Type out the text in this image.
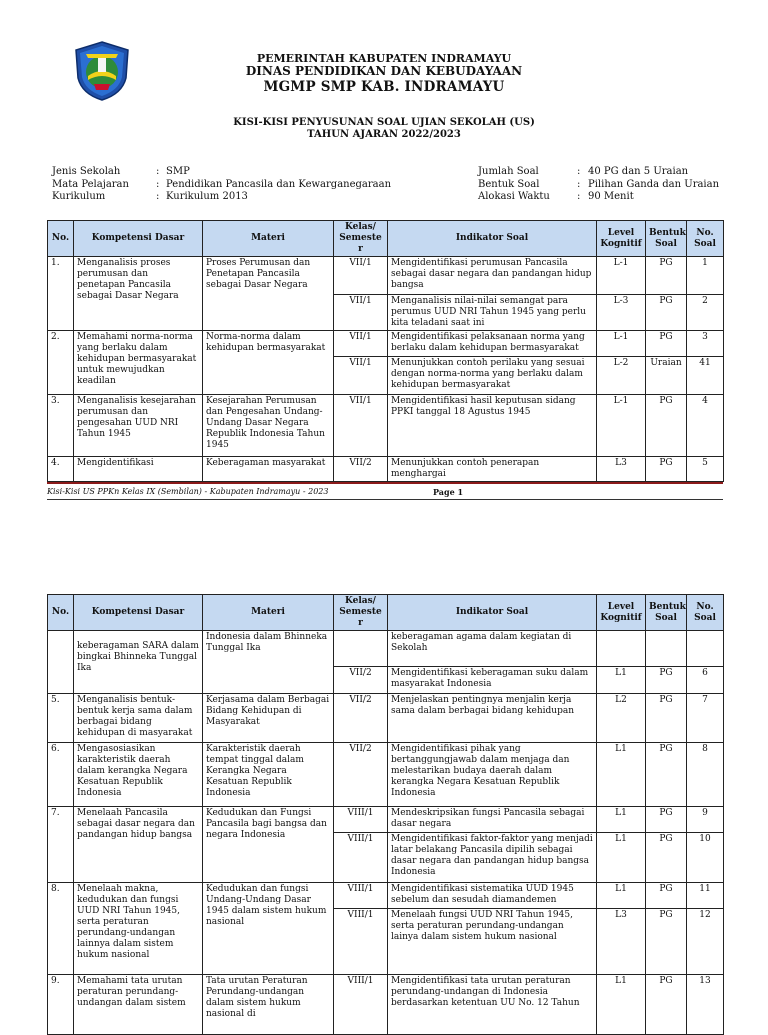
PEMERINTAH KABUPATEN INDRAMAYU
DINAS PENDIDIKAN DAN KEBUDAYAAN
MGMP SMP KAB. INDRAMAYU
KISI-KISI PENYUSUNAN SOAL UJIAN SEKOLAH (US)
TAHUN AJARAN 2022/2023
Jenis Sekolah	: SMP
Mata Pelajaran	: Pendidikan Pancasila dan Kewarganegaraan
Kurikulum	: Kurikulum 2013
Jumlah Soal	: 40 PG dan 5 Uraian
Bentuk Soal	: Pilihan Ganda dan Uraian
Alokasi Waktu	: 90 Menit
No.	Kompetensi Dasar	Materi	Kelas/ Semeste r	Indikator Soal	Level Kognitif	Bentuk Soal	No. Soal
1.	Menganalisis proses perumusan dan penetapan Pancasila sebagai Dasar Negara	Proses Perumusan dan Penetapan Pancasila sebagai Dasar Negara	VII/1	Mengidentifikasi perumusan Pancasila sebagai dasar negara dan pandangan hidup bangsa	L-1	PG	1
			VII/1	Menganalisis nilai-nilai semangat para perumus UUD NRI Tahun 1945 yang perlu kita teladani saat ini	L-3	PG	2
2.	Memahami norma-norma yang berlaku dalam kehidupan bermasyarakat untuk mewujudkan keadilan	Norma-norma dalam kehidupan bermasyarakat	VII/1	Mengidentifikasi pelaksanaan norma yang berlaku dalam kehidupan bermasyarakat	L-1	PG	3
			VII/1	Menunjukkan contoh perilaku yang sesuai dengan norma-norma yang berlaku dalam kehidupan bermasyarakat	L-2	Uraian	41
3.	Menganalisis kesejarahan perumusan dan pengesahan UUD NRI Tahun 1945	Kesejarahan Perumusan dan Pengesahan Undang-Undang Dasar Negara Republik Indonesia Tahun 1945	VII/1	Mengidentifikasi hasil keputusan sidang PPKI tanggal 18 Agustus 1945	L-1	PG	4
4.	Mengidentifikasi	Keberagaman masyarakat	VII/2	Menunjukkan contoh penerapan menghargai	L3	PG	5
Kisi-Kisi US PPKn Kelas IX (Sembilan) - Kabupaten Indramayu - 2023	Page 1
No.	Kompetensi Dasar	Materi	Kelas/ Semeste r	Indikator Soal	Level Kognitif	Bentuk Soal	No. Soal
	keberagaman SARA dalam bingkai Bhinneka Tunggal Ika	Indonesia dalam Bhinneka Tunggal Ika		keberagaman agama dalam kegiatan di Sekolah			
			VII/2	Mengidentifikasi keberagaman suku dalam masyarakat Indonesia	L1	PG	6
5.	Menganalisis bentuk-bentuk kerja sama dalam berbagai bidang kehidupan di masyarakat	Kerjasama dalam Berbagai Bidang Kehidupan di Masyarakat	VII/2	Menjelaskan pentingnya menjalin kerja sama dalam berbagai bidang kehidupan	L2	PG	7
6.	Mengasosiasikan karakteristik daerah dalam kerangka Negara Kesatuan Republik Indonesia	Karakteristik daerah tempat tinggal dalam Kerangka Negara Kesatuan Republik Indonesia	VII/2	Mengidentifikasi pihak yang bertanggungjawab dalam menjaga dan melestarikan budaya daerah dalam kerangka Negara Kesatuan Republik Indonesia	L1	PG	8
7.	Menelaah Pancasila sebagai dasar negara dan pandangan hidup bangsa	Kedudukan dan Fungsi Pancasila bagi bangsa dan negara Indonesia	VIII/1	Mendeskripsikan fungsi Pancasila sebagai dasar negara	L1	PG	9
			VIII/1	Mengidentifikasi faktor-faktor yang menjadi latar belakang Pancasila dipilih sebagai dasar negara dan pandangan hidup bangsa Indonesia	L1	PG	10
8.	Menelaah makna, kedudukan dan fungsi UUD NRI Tahun 1945, serta peraturan perundang-undangan lainnya dalam sistem hukum nasional	Kedudukan dan fungsi Undang-Undang Dasar 1945 dalam sistem hukum nasional	VIII/1	Mengidentifikasi sistematika UUD 1945 sebelum dan sesudah diamandemen	L1	PG	11
			VIII/1	Menelaah fungsi UUD NRI Tahun 1945, serta peraturan perundang-undangan lainya dalam sistem hukum nasional	L3	PG	12
9.	Memahami tata urutan peraturan perundang-undangan dalam sistem	Tata urutan Peraturan Perundang-undangan dalam sistem hukum nasional di	VIII/1	Mengidentifikasi tata urutan peraturan perundang-undangan di Indonesia berdasarkan ketentuan UU No. 12 Tahun	L1	PG	13
